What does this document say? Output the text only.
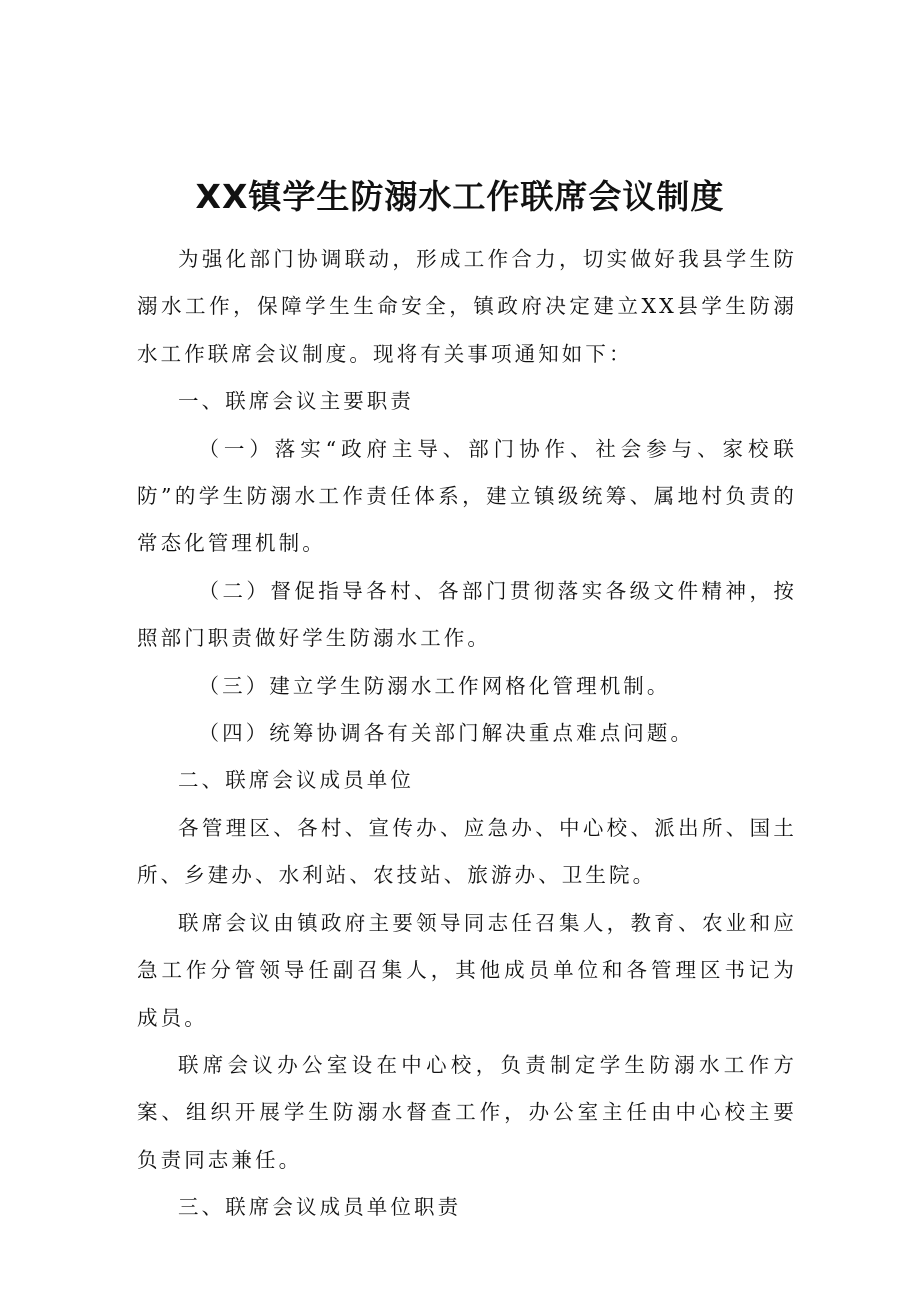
XX镇学生防溺水工作联席会议制度

为强化部门协调联动，形成工作合力，切实做好我县学生防溺水工作，保障学生生命安全，镇政府决定建立XX县学生防溺水工作联席会议制度。现将有关事项通知如下：

一、联席会议主要职责

（一）落实“政府主导、部门协作、社会参与、家校联防”的学生防溺水工作责任体系，建立镇级统筹、属地村负责的常态化管理机制。

（二）督促指导各村、各部门贯彻落实各级文件精神，按照部门职责做好学生防溺水工作。

（三）建立学生防溺水工作网格化管理机制。

（四）统筹协调各有关部门解决重点难点问题。

二、联席会议成员单位

各管理区、各村、宣传办、应急办、中心校、派出所、国土所、乡建办、水利站、农技站、旅游办、卫生院。

联席会议由镇政府主要领导同志任召集人，教育、农业和应急工作分管领导任副召集人，其他成员单位和各管理区书记为成员。

联席会议办公室设在中心校，负责制定学生防溺水工作方案、组织开展学生防溺水督查工作，办公室主任由中心校主要负责同志兼任。

三、联席会议成员单位职责
